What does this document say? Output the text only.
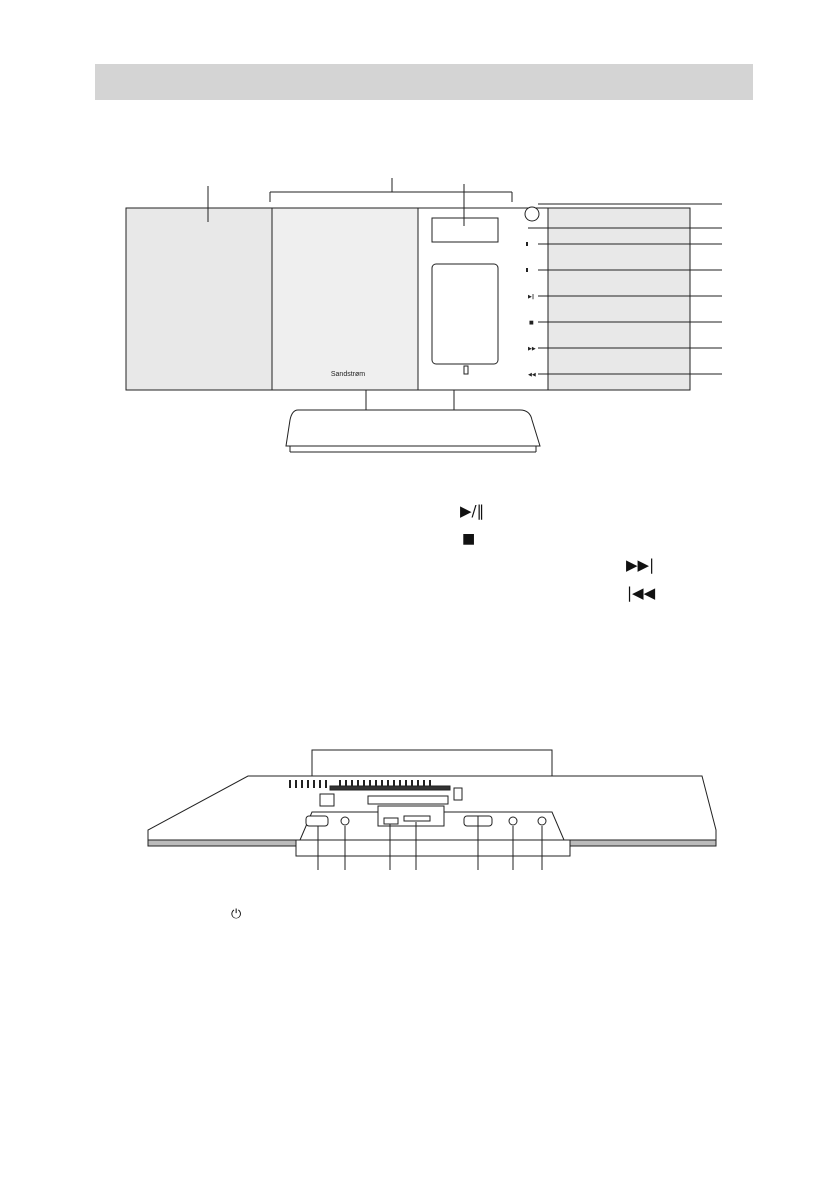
▶‖
■
▶▶
◀◀
Sandstrøm
▶/‖
■
▶▶|
|◀◀
⏻
